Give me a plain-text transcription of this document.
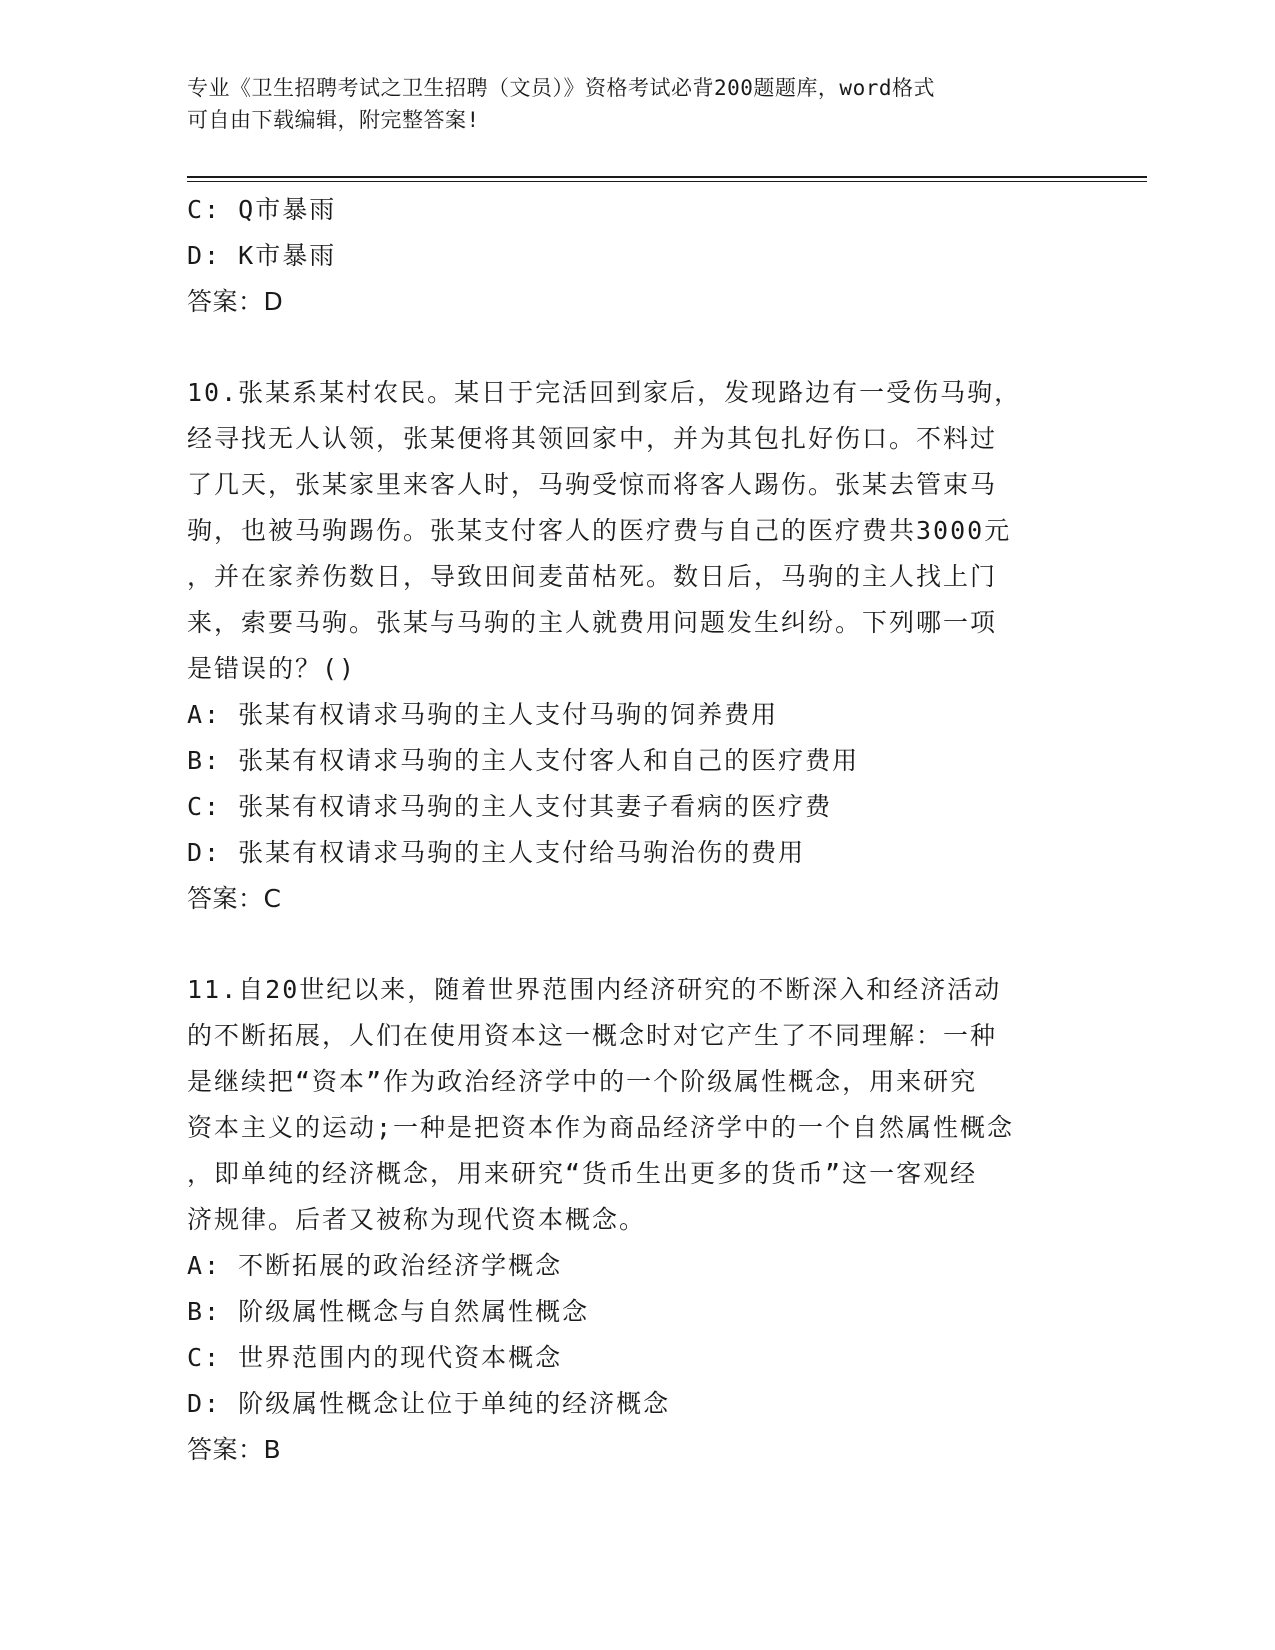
专业《卫生招聘考试之卫生招聘（文员）》资格考试必背200题题库，word格式
可自由下载编辑，附完整答案!
C: Q市暴雨
D: K市暴雨
答案：D
10.张某系某村农民。某日于完活回到家后，发现路边有一受伤马驹，
经寻找无人认领，张某便将其领回家中，并为其包扎好伤口。不料过
了几天，张某家里来客人时，马驹受惊而将客人踢伤。张某去管束马
驹，也被马驹踢伤。张某支付客人的医疗费与自己的医疗费共3000元
，并在家养伤数日，导致田间麦苗枯死。数日后，马驹的主人找上门
来，索要马驹。张某与马驹的主人就费用问题发生纠纷。下列哪一项
是错误的？()
A: 张某有权请求马驹的主人支付马驹的饲养费用
B: 张某有权请求马驹的主人支付客人和自己的医疗费用
C: 张某有权请求马驹的主人支付其妻子看病的医疗费
D: 张某有权请求马驹的主人支付给马驹治伤的费用
答案：C
11.自20世纪以来，随着世界范围内经济研究的不断深入和经济活动
的不断拓展，人们在使用资本这一概念时对它产生了不同理解：一种
是继续把“资本”作为政治经济学中的一个阶级属性概念，用来研究
资本主义的运动;一种是把资本作为商品经济学中的一个自然属性概念
，即单纯的经济概念，用来研究“货币生出更多的货币”这一客观经
济规律。后者又被称为现代资本概念。
A: 不断拓展的政治经济学概念
B: 阶级属性概念与自然属性概念
C: 世界范围内的现代资本概念
D: 阶级属性概念让位于单纯的经济概念
答案：B
